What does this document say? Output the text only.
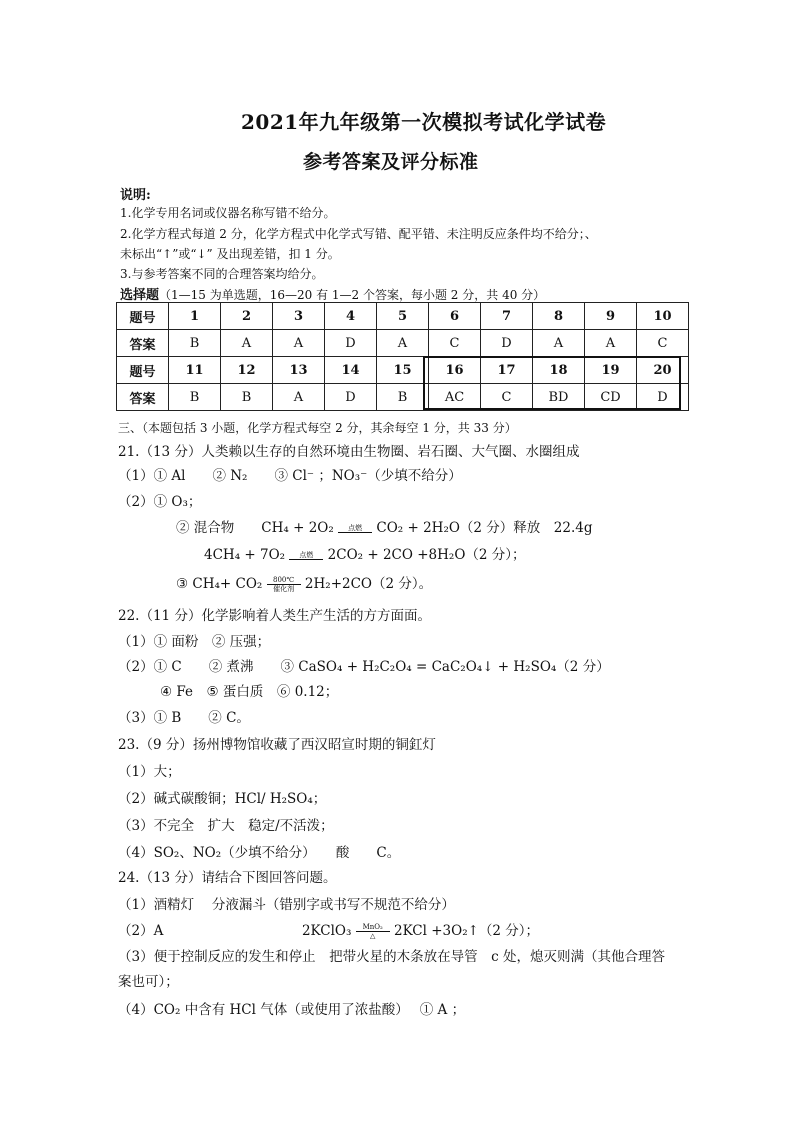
2021年九年级第一次模拟考试化学试卷
参考答案及评分标准
说明:
1.化学专用名词或仪器名称写错不给分。
2.化学方程式每道 2 分，化学方程式中化学式写错、配平错、未注明反应条件均不给分；、
未标出“↑”或“↓” 及出现差错，扣 1 分。
3.与参考答案不同的合理答案均给分。
选择题（1—15 为单选题，16—20 有 1—2 个答案，每小题 2 分，共 40 分）
题号	1	2	3	4	5	6	7	8	9	10
答案	B	A	A	D	A	C	D	A	A	C
题号	11	12	13	14	15	16	17	18	19	20
答案	B	B	A	D	B	AC	C	BD	CD	D
三、（本题包括 3 小题，化学方程式每空 2 分，其余每空 1 分，共 33 分）
21.（13 分）人类赖以生存的自然环境由生物圈、岩石圈、大气圈、水圈组成
（1）① Al　　② N₂　　③ Cl⁻ ；NO₃⁻（少填不给分）
（2）① O₃；
② 混合物　　CH₄ + 2O₂	点燃	CO₂ + 2H₂O（2 分）释放　22.4g
4CH₄ + 7O₂	点燃	2CO₂ + 2CO +8H₂O（2 分）；
③ CH₄+ CO₂	800℃
催化剂 2H₂+2CO（2 分）。
22.（11 分）化学影响着人类生产生活的方方面面。
（1）① 面粉　② 压强；
（2）① C　　② 煮沸　　③ CaSO₄ + H₂C₂O₄ = CaC₂O₄↓ + H₂SO₄（2 分）
④ Fe　⑤ 蛋白质　⑥ 0.12；
（3）① B　　② C。
23.（9 分）扬州博物馆收藏了西汉昭宣时期的铜釭灯
（1）大；
（2）碱式碳酸铜；HCl/ H₂SO₄；
（3）不完全　扩大　稳定/不活泼；
（4）SO₂、NO₂（少填不给分）　　酸　　C。
24.（13 分）请结合下图回答问题。
（1）酒精灯　 分液漏斗（错别字或书写不规范不给分）
（2）A	2KClO₃	MnO₂
△	2KCl +3O₂↑（2 分）；
（3）便于控制反应的发生和停止　把带火星的木条放在导管　c 处，熄灭则满（其他合理答
案也可）；
（4）CO₂ 中含有 HCl 气体（或使用了浓盐酸）　 ① A ；
